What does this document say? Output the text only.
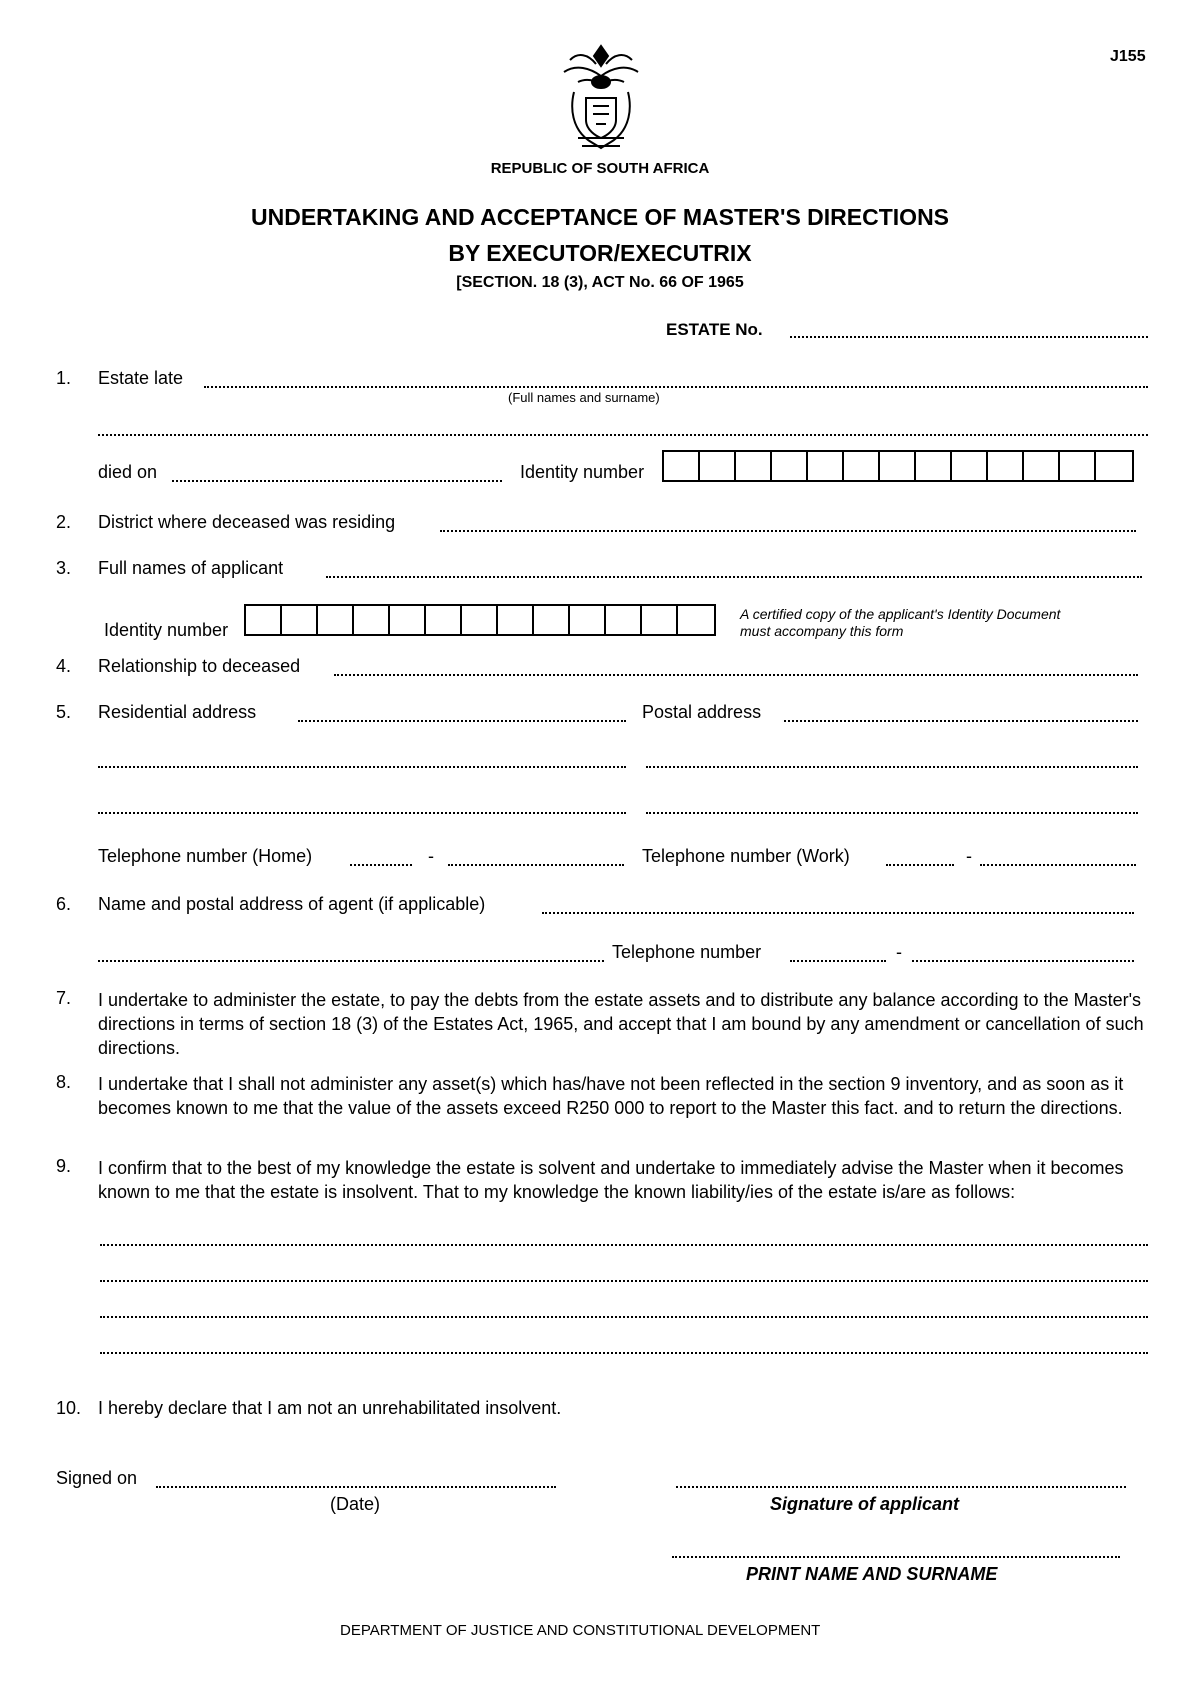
J155
REPUBLIC OF SOUTH AFRICA
UNDERTAKING AND ACCEPTANCE OF MASTER'S DIRECTIONS
BY EXECUTOR/EXECUTRIX
[SECTION. 18 (3), ACT No. 66 OF 1965
ESTATE No.
1. Estate late
(Full names and surname)
died on	Identity number
2. District where deceased was residing
3. Full names of applicant
Identity number
A certified copy of the applicant's Identity Document
must accompany this form
4. Relationship to deceased
5. Residential address	Postal address
Telephone number (Home)	-	Telephone number (Work)	-
6. Name and postal address of agent (if applicable)
Telephone number	-
7. I undertake to administer the estate, to pay the debts from the estate assets and to distribute any balance according to the Master's directions in terms of section 18 (3) of the Estates Act, 1965, and accept that I am bound by any amendment or cancellation of such directions.
8. I undertake that I shall not administer any asset(s) which has/have not been reflected in the section 9 inventory, and as soon as it becomes known to me that the value of the assets exceed R250 000 to report to the Master this fact. and to return the directions.
9. I confirm that to the best of my knowledge the estate is solvent and undertake to immediately advise the Master when it becomes known to me that the estate is insolvent. That to my knowledge the known liability/ies of the estate is/are as follows:
10. I hereby declare that I am not an unrehabilitated insolvent.
Signed on
(Date)	Signature of applicant
PRINT NAME AND SURNAME
DEPARTMENT OF JUSTICE AND CONSTITUTIONAL DEVELOPMENT
